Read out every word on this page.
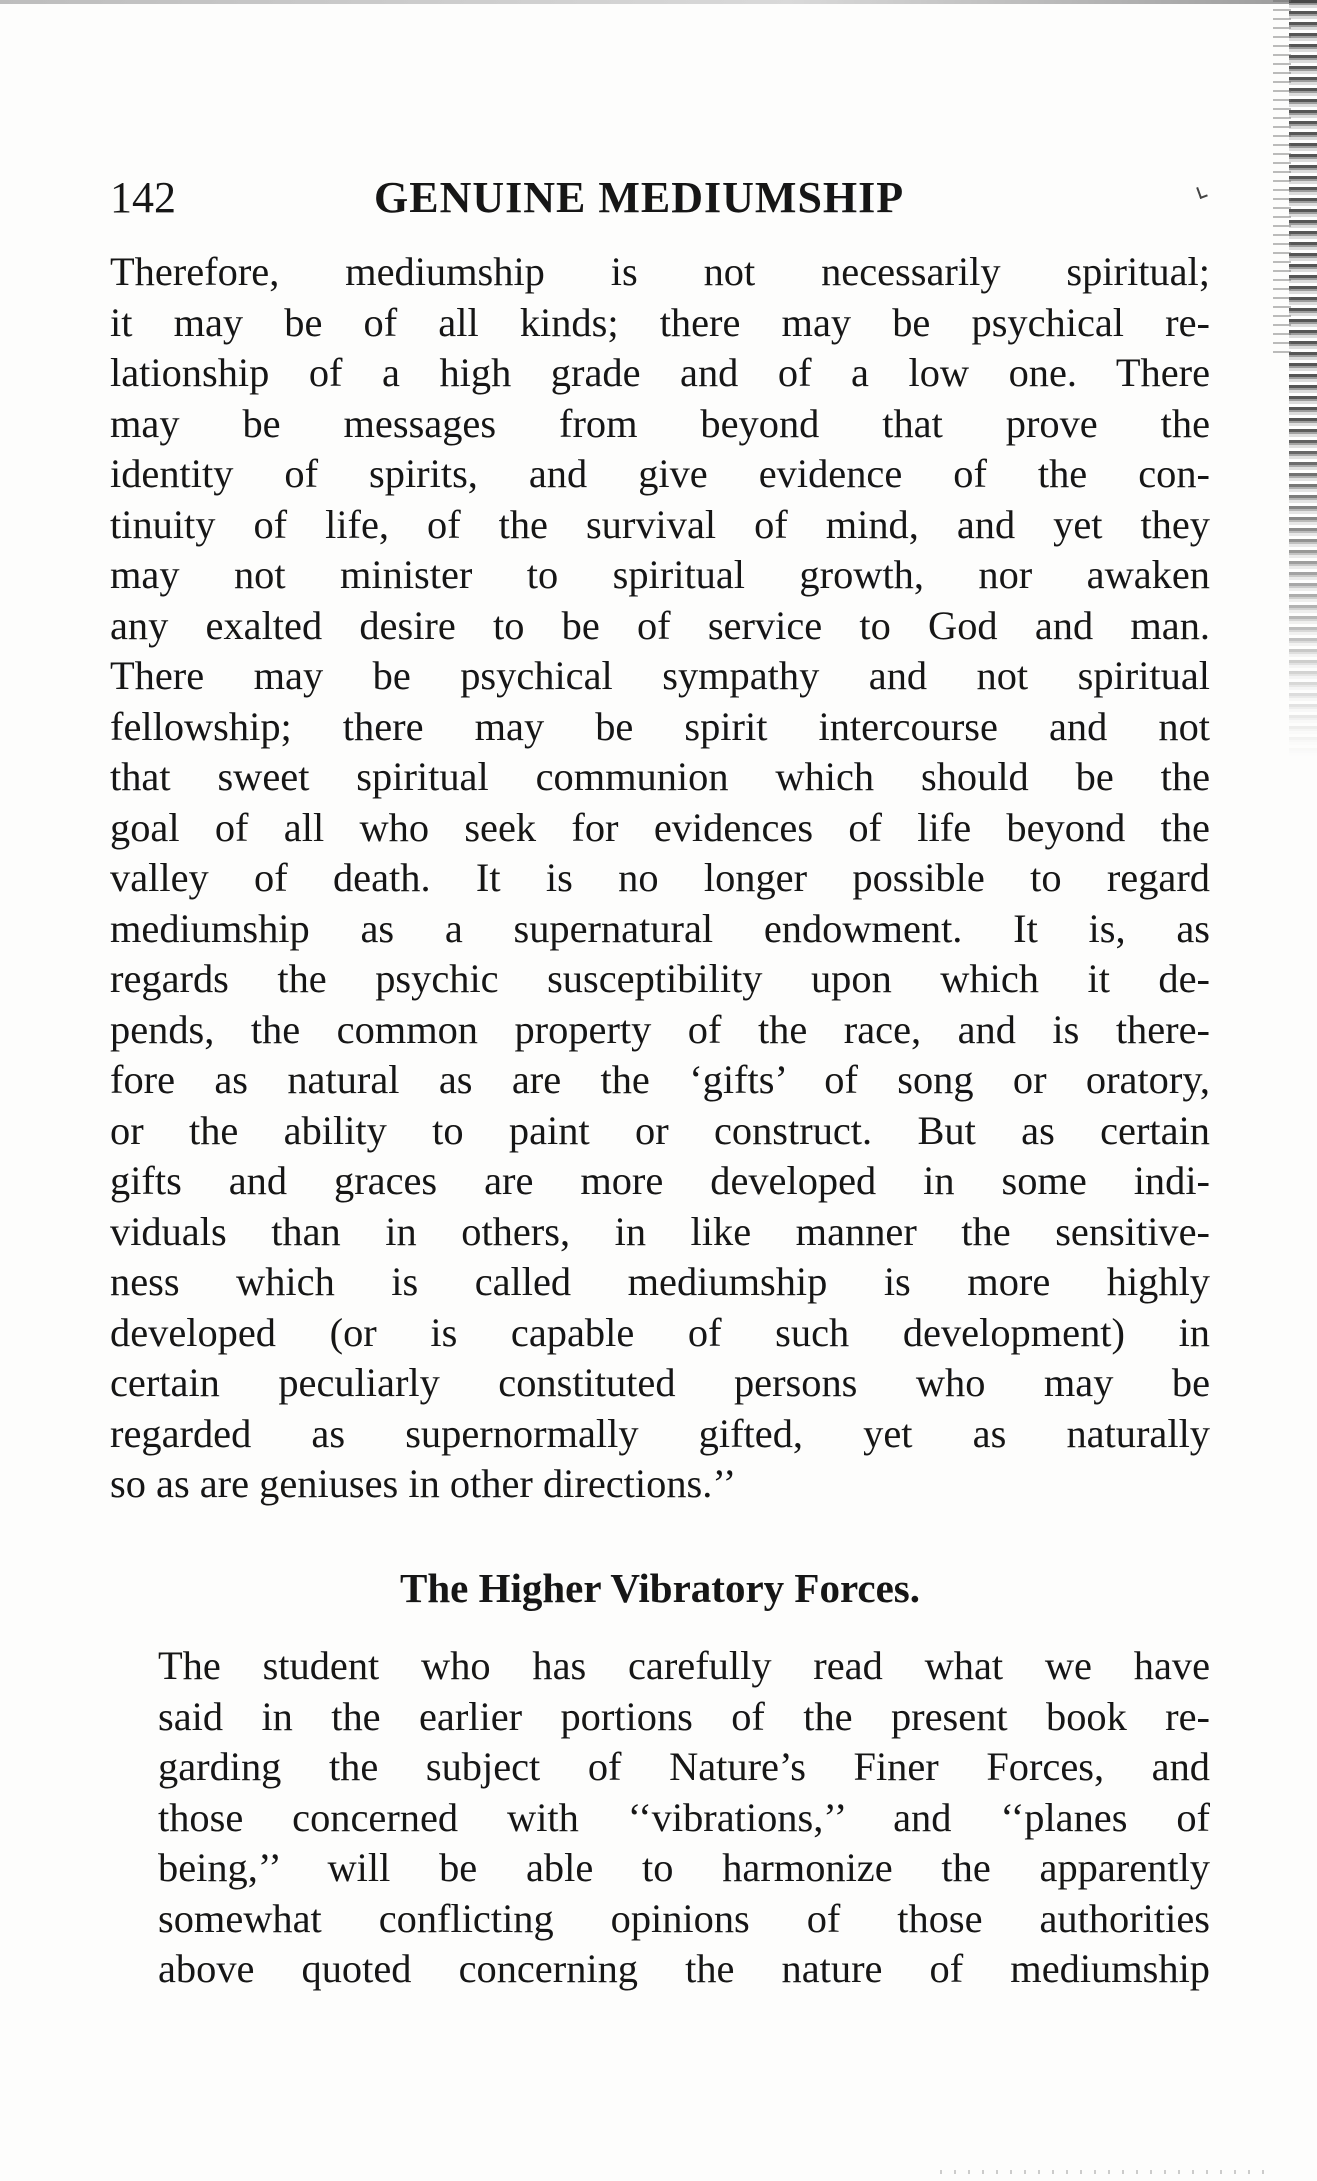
142	GENUINE MEDIUMSHIP
Therefore, mediumship is not necessarily spiritual;
it may be of all kinds; there may be psychical re-
lationship of a high grade and of a low one. There
may be messages from beyond that prove the
identity of spirits, and give evidence of the con-
tinuity of life, of the survival of mind, and yet they
may not minister to spiritual growth, nor awaken
any exalted desire to be of service to God and man.
There may be psychical sympathy and not spiritual
fellowship; there may be spirit intercourse and not
that sweet spiritual communion which should be the
goal of all who seek for evidences of life beyond the
valley of death. It is no longer possible to regard
mediumship as a supernatural endowment. It is, as
regards the psychic susceptibility upon which it de-
pends, the common property of the race, and is there-
fore as natural as are the ‘gifts’ of song or oratory,
or the ability to paint or construct. But as certain
gifts and graces are more developed in some indi-
viduals than in others, in like manner the sensitive-
ness which is called mediumship is more highly
developed (or is capable of such development) in
certain peculiarly constituted persons who may be
regarded as supernormally gifted, yet as naturally
so as are geniuses in other directions.’’
The Higher Vibratory Forces.
The student who has carefully read what we have
said in the earlier portions of the present book re-
garding the subject of Nature’s Finer Forces, and
those concerned with ‘‘vibrations,’’ and ‘‘planes of
being,’’ will be able to harmonize the apparently
somewhat conflicting opinions of those authorities
above quoted concerning the nature of mediumship
